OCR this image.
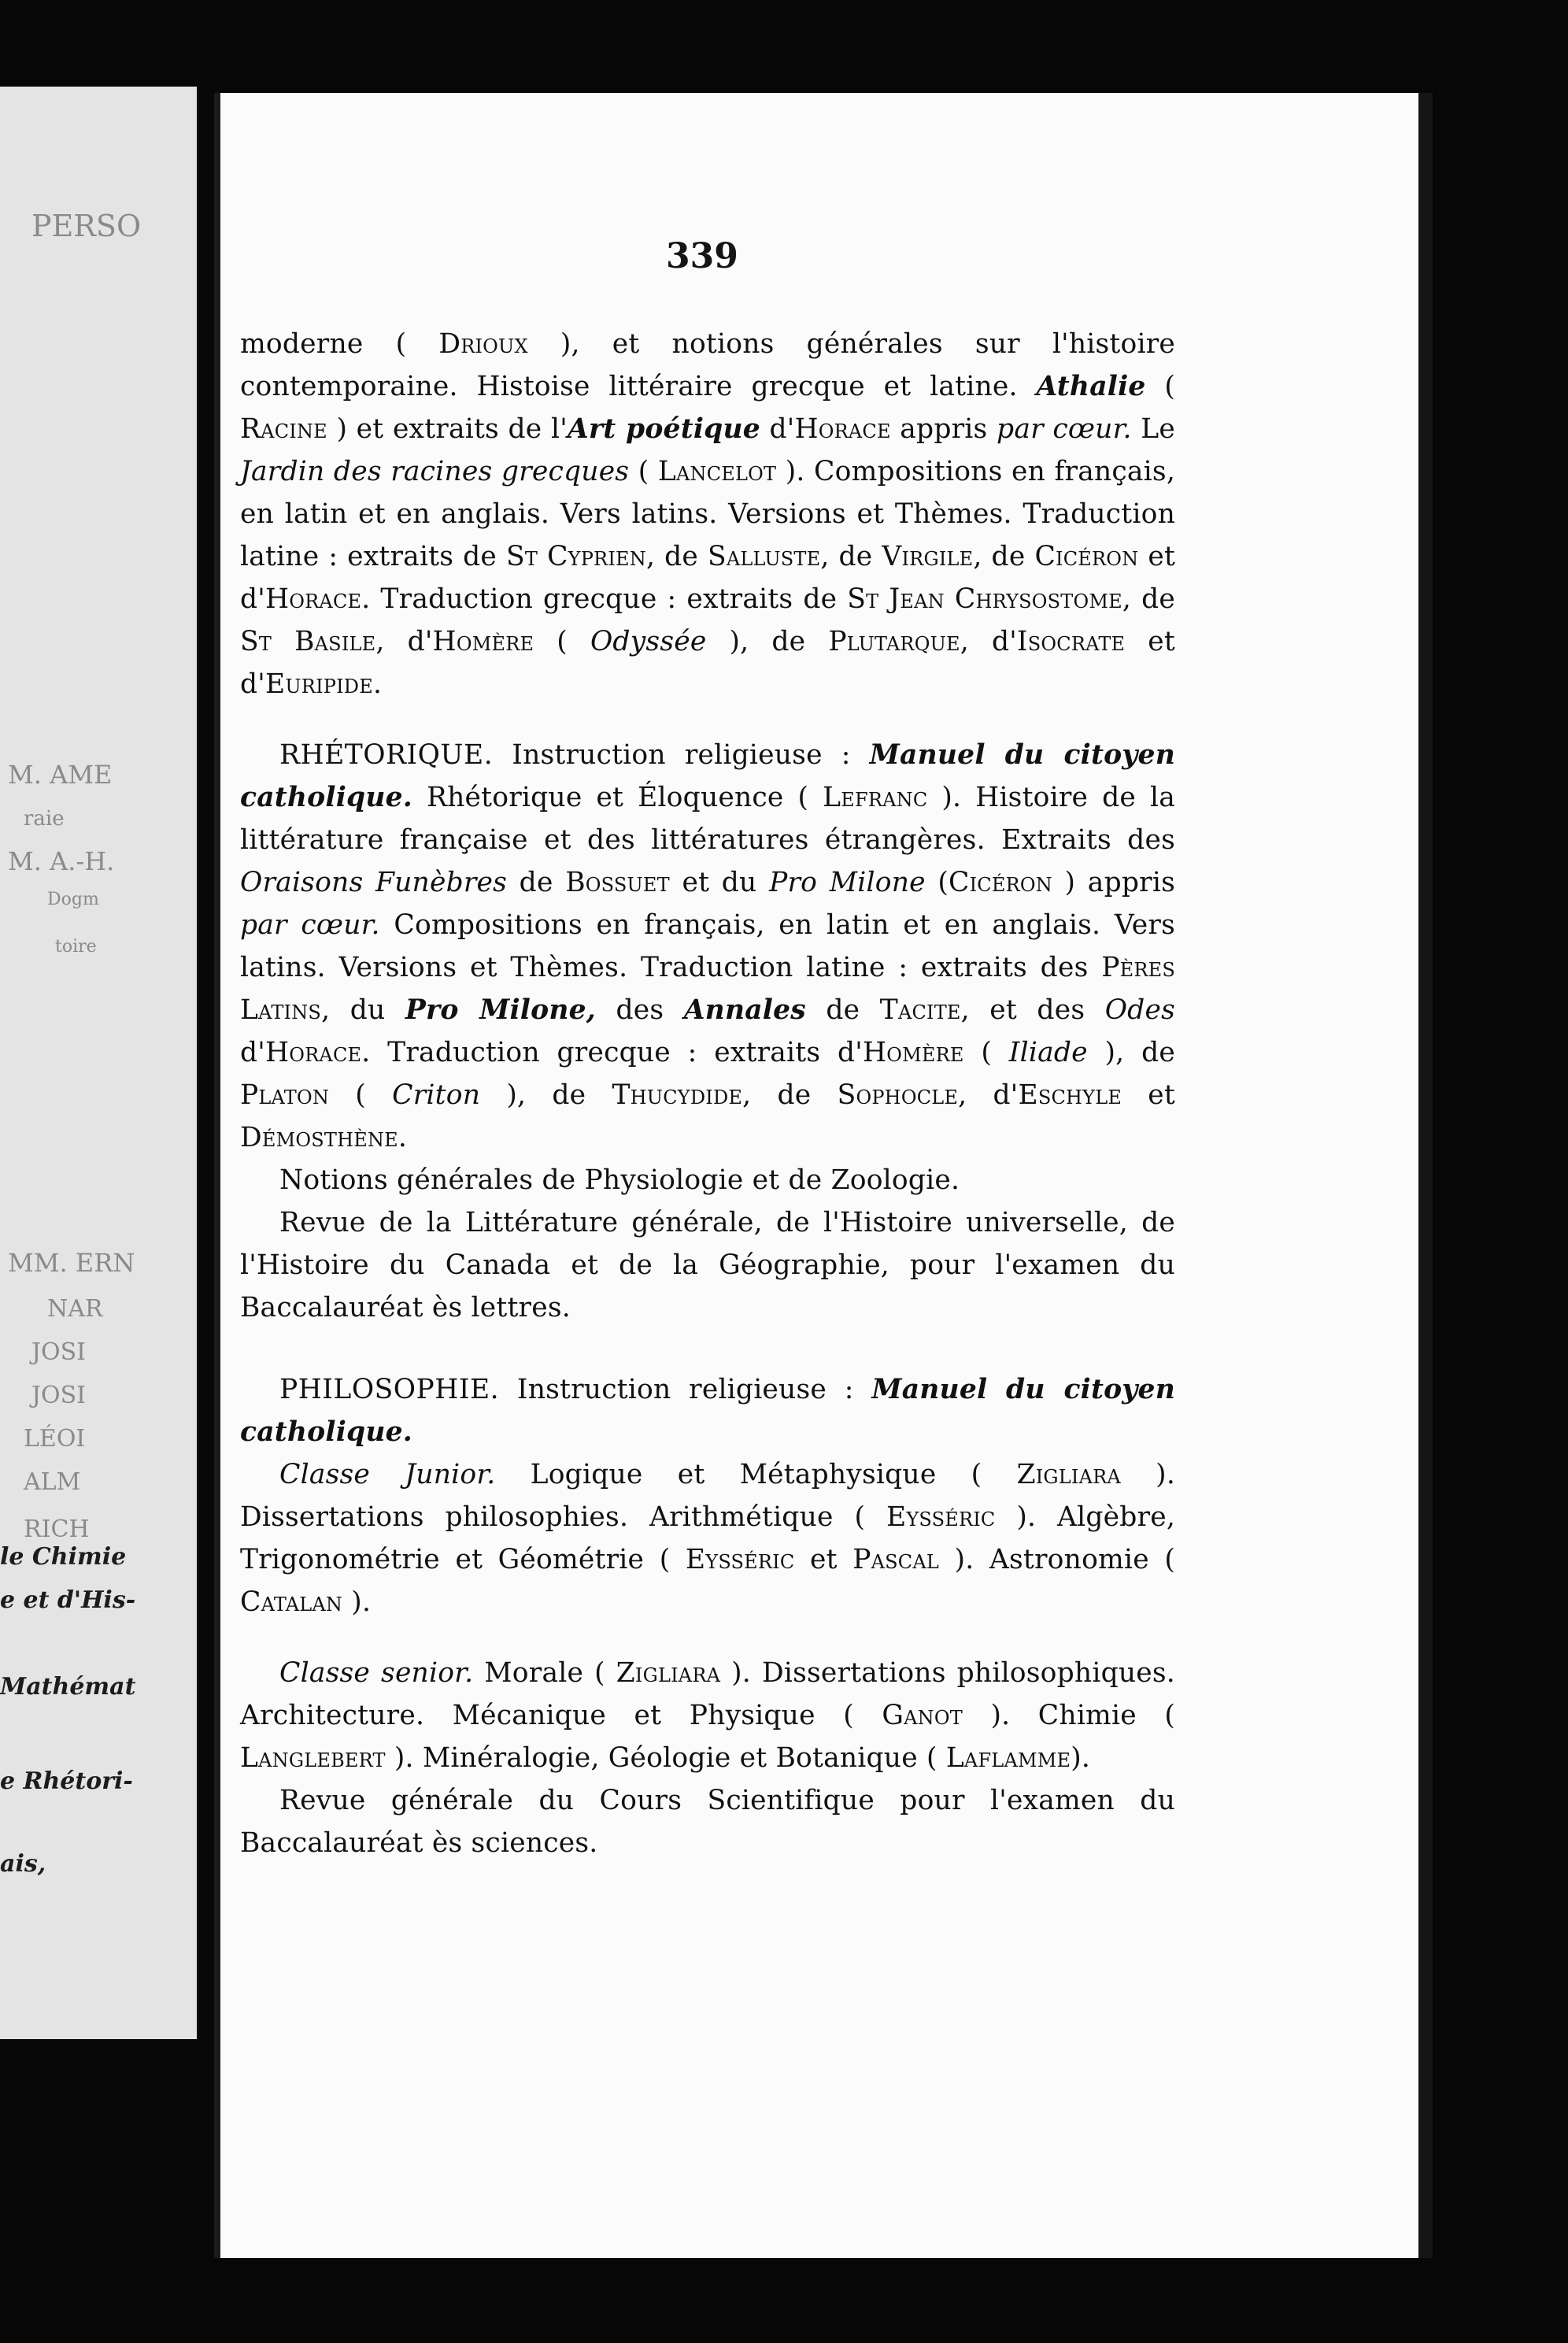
PERSO
M. AME
raie
M. A.-H.
Dogm
toire
MM. ERN
NAR
JOSI
JOSI
LÉOI
ALM
RICH
le Chimie
e et d'His-
Mathémat
e Rhétori-
ais,
339

moderne ( Drioux ), et notions générales sur l'histoire contemporaine. Histoise littéraire grecque et latine. Athalie ( Racine ) et extraits de l'Art poétique d'Horace appris par cœur. Le Jardin des racines grecques ( Lancelot ). Compositions en français, en latin et en anglais. Vers latins. Versions et Thèmes. Traduction latine : extraits de St Cyprien, de Salluste, de Virgile, de Cicéron et d'Horace. Traduction grecque : extraits de St Jean Chrysostome, de St Basile, d'Homère ( Odyssée ), de Plutarque, d'Isocrate et d'Euripide.

RHÉTORIQUE. Instruction religieuse : Manuel du citoyen catholique. Rhétorique et Éloquence ( Lefranc ). Histoire de la littérature française et des littératures étrangères. Extraits des Oraisons Funèbres de Bossuet et du Pro Milone (Cicéron ) appris par cœur. Compositions en français, en latin et en anglais. Vers latins. Versions et Thèmes. Traduction latine : extraits des Pères Latins, du Pro Milone, des Annales de Tacite, et des Odes d'Horace. Traduction grecque : extraits d'Homère ( Iliade ), de Platon ( Criton ), de Thucydide, de Sophocle, d'Eschyle et Démosthène.

Notions générales de Physiologie et de Zoologie.

Revue de la Littérature générale, de l'Histoire universelle, de l'Histoire du Canada et de la Géographie, pour l'examen du Baccalauréat ès lettres.

PHILOSOPHIE. Instruction religieuse : Manuel du citoyen catholique.

Classe Junior. Logique et Métaphysique ( Zigliara ). Dissertations philosophies. Arithmétique ( Eysséric ). Algèbre, Trigonométrie et Géométrie ( Eysséric et Pascal ). Astronomie ( Catalan ).

Classe senior. Morale ( Zigliara ). Dissertations philosophiques. Architecture. Mécanique et Physique ( Ganot ). Chimie ( Langlebert ). Minéralogie, Géologie et Botanique ( Laflamme).

Revue générale du Cours Scientifique pour l'examen du Baccalauréat ès sciences.
